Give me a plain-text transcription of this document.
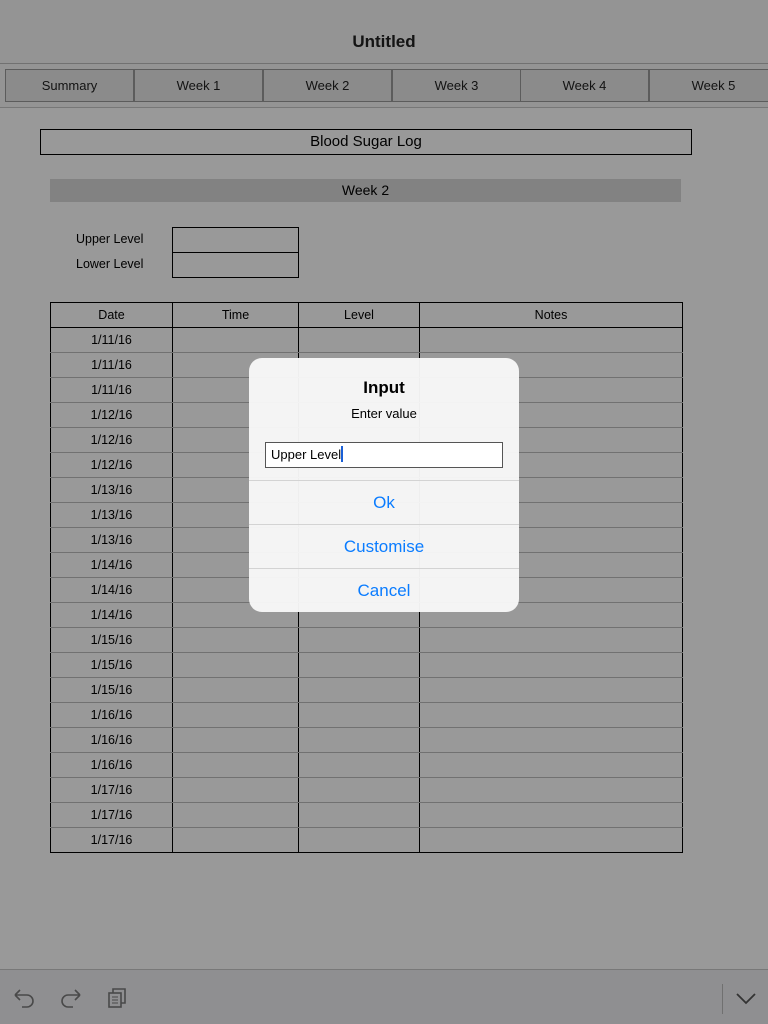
Untitled
Summary	Week 1	Week 2	Week 3	Week 4	Week 5
Blood Sugar Log
Week 2
Upper Level
Lower Level
Date	Time	Level	Notes
1/11/16			
1/11/16			
1/11/16			
1/12/16			
1/12/16			
1/12/16			
1/13/16			
1/13/16			
1/13/16			
1/14/16			
1/14/16			
1/14/16			
1/15/16			
1/15/16			
1/15/16			
1/16/16			
1/16/16			
1/16/16			
1/17/16			
1/17/16			
1/17/16			
Input
Enter value
Upper Level
Ok
Customise
Cancel
